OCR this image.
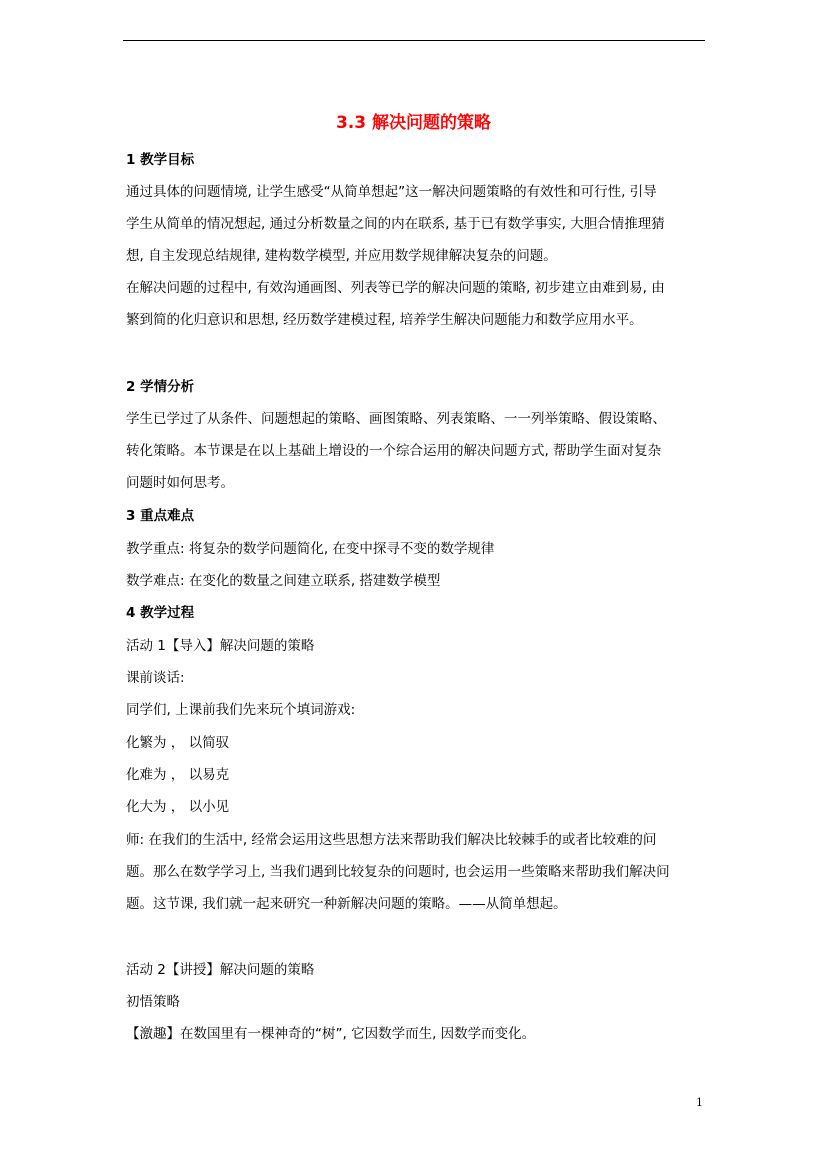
3.3 解决问题的策略
1 教学目标
通过具体的问题情境, 让学生感受“从简单想起”这一解决问题策略的有效性和可行性, 引导
学生从简单的情况想起, 通过分析数量之间的内在联系, 基于已有数学事实, 大胆合情推理猜
想, 自主发现总结规律, 建构数学模型, 并应用数学规律解决复杂的问题。
在解决问题的过程中, 有效沟通画图、列表等已学的解决问题的策略, 初步建立由难到易, 由
繁到简的化归意识和思想, 经历数学建模过程, 培养学生解决问题能力和数学应用水平。
2 学情分析
学生已学过了从条件、问题想起的策略、画图策略、列表策略、一一列举策略、假设策略、
转化策略。本节课是在以上基础上增设的一个综合运用的解决问题方式, 帮助学生面对复杂
问题时如何思考。
3 重点难点
教学重点: 将复杂的数学问题简化, 在变中探寻不变的数学规律
数学难点: 在变化的数量之间建立联系, 搭建数学模型
4 教学过程
活动 1【导入】解决问题的策略
课前谈话:
同学们, 上课前我们先来玩个填词游戏:
化繁为 ， 以简驭
化难为 ， 以易克
化大为 ， 以小见
师: 在我们的生活中, 经常会运用这些思想方法来帮助我们解决比较棘手的或者比较难的问
题。那么在数学学习上, 当我们遇到比较复杂的问题时, 也会运用一些策略来帮助我们解决问
题。这节课, 我们就一起来研究一种新解决问题的策略。——从简单想起。
活动 2【讲授】解决问题的策略
初悟策略
【激趣】在数国里有一棵神奇的“树”, 它因数学而生, 因数学而变化。
1
